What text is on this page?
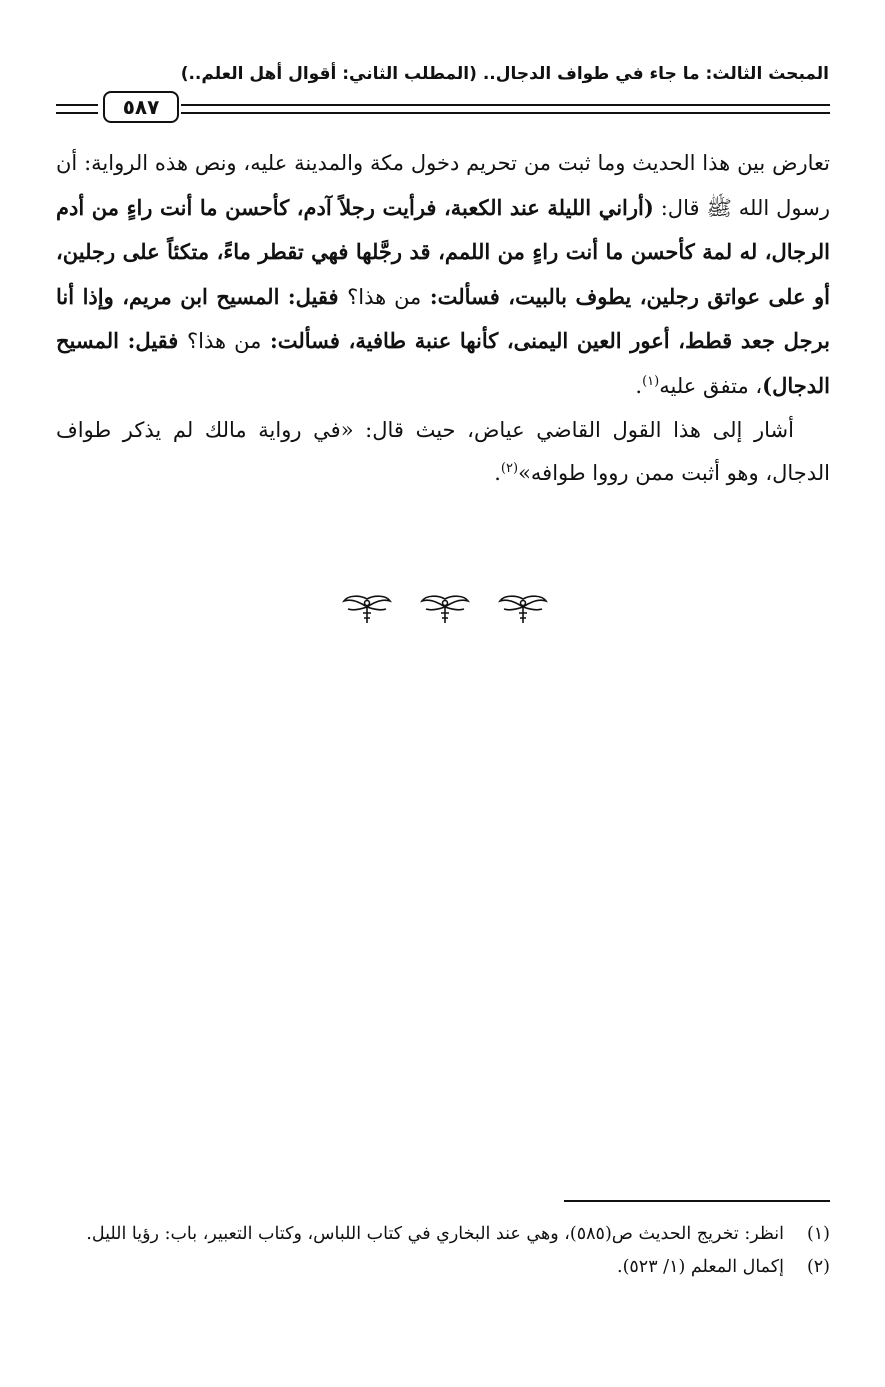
المبحث الثالث: ما جاء في طواف الدجال.. (المطلب الثاني: أقوال أهل العلم..)
٥٨٧

تعارض بين هذا الحديث وما ثبت من تحريم دخول مكة والمدينة عليه، ونص هذه الرواية: أن رسول الله ﷺ قال: (أراني الليلة عند الكعبة، فرأيت رجلاً آدم، كأحسن ما أنت راءٍ من أدم الرجال، له لمة كأحسن ما أنت راءٍ من اللمم، قد رجَّلها فهي تقطر ماءً، متكئاً على رجلين، أو على عواتق رجلين، يطوف بالبيت، فسألت: من هذا؟ فقيل: المسيح ابن مريم، وإذا أنا برجل جعد قطط، أعور العين اليمنى، كأنها عنبة طافية، فسألت: من هذا؟ فقيل: المسيح الدجال)، متفق عليه$^{(١)}$.

أشار إلى هذا القول القاضي عياض، حيث قال: «في رواية مالك لم يذكر طواف الدجال، وهو أثبت ممن رووا طوافه»$^{(٢)}$.

(١)
انظر: تخريج الحديث ص(٥٨٥)، وهي عند البخاري في كتاب اللباس، وكتاب التعبير، باب: رؤيا الليل.
(٢)
إكمال المعلم (١/ ٥٢٣).
